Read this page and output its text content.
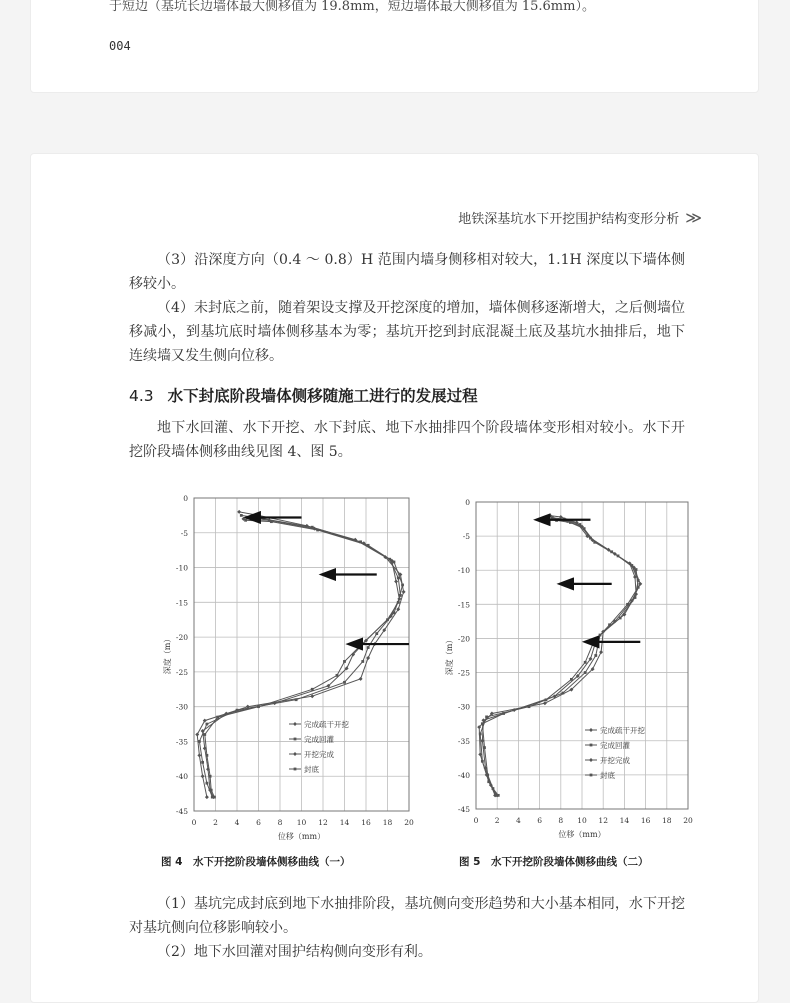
于短边（基坑长边墙体最大侧移值为 19.8mm，短边墙体最大侧移值为 15.6mm）。
004
地铁深基坑水下开挖围护结构变形分析 ≫

（3）沿深度方向（0.4 ～ 0.8）H 范围内墙身侧移相对较大，1.1H 深度以下墙体侧移较小。

（4）未封底之前，随着架设支撑及开挖深度的增加，墙体侧移逐渐增大，之后侧墙位移减小，到基坑底时墙体侧移基本为零；基坑开挖到封底混凝土底及基坑水抽排后，地下连续墙又发生侧向位移。

4.3 水下封底阶段墙体侧移随施工进行的发展过程

地下水回灌、水下开挖、水下封底、地下水抽排四个阶段墙体变形相对较小。水下开挖阶段墙体侧移曲线见图 4、图 5。

0 2 4 6 8 10 12 14 16 18 20
0
-5
-10
-15
-20
-25
-30
-35
-40
-45
位移（mm）
深度（m）
完成疏干开挖
完成回灌
开挖完成
封底
图 4　水下开挖阶段墙体侧移曲线（一）
0 2 4 6 8 10 12 14 16 18 20
0
-5
-10
-15
-20
-25
-30
-35
-40
-45
位移（mm）
深度（m）
完成疏干开挖
完成回灌
开挖完成
封底
图 5　水下开挖阶段墙体侧移曲线（二）

（1）基坑完成封底到地下水抽排阶段，基坑侧向变形趋势和大小基本相同，水下开挖对基坑侧向位移影响较小。

（2）地下水回灌对围护结构侧向变形有利。
